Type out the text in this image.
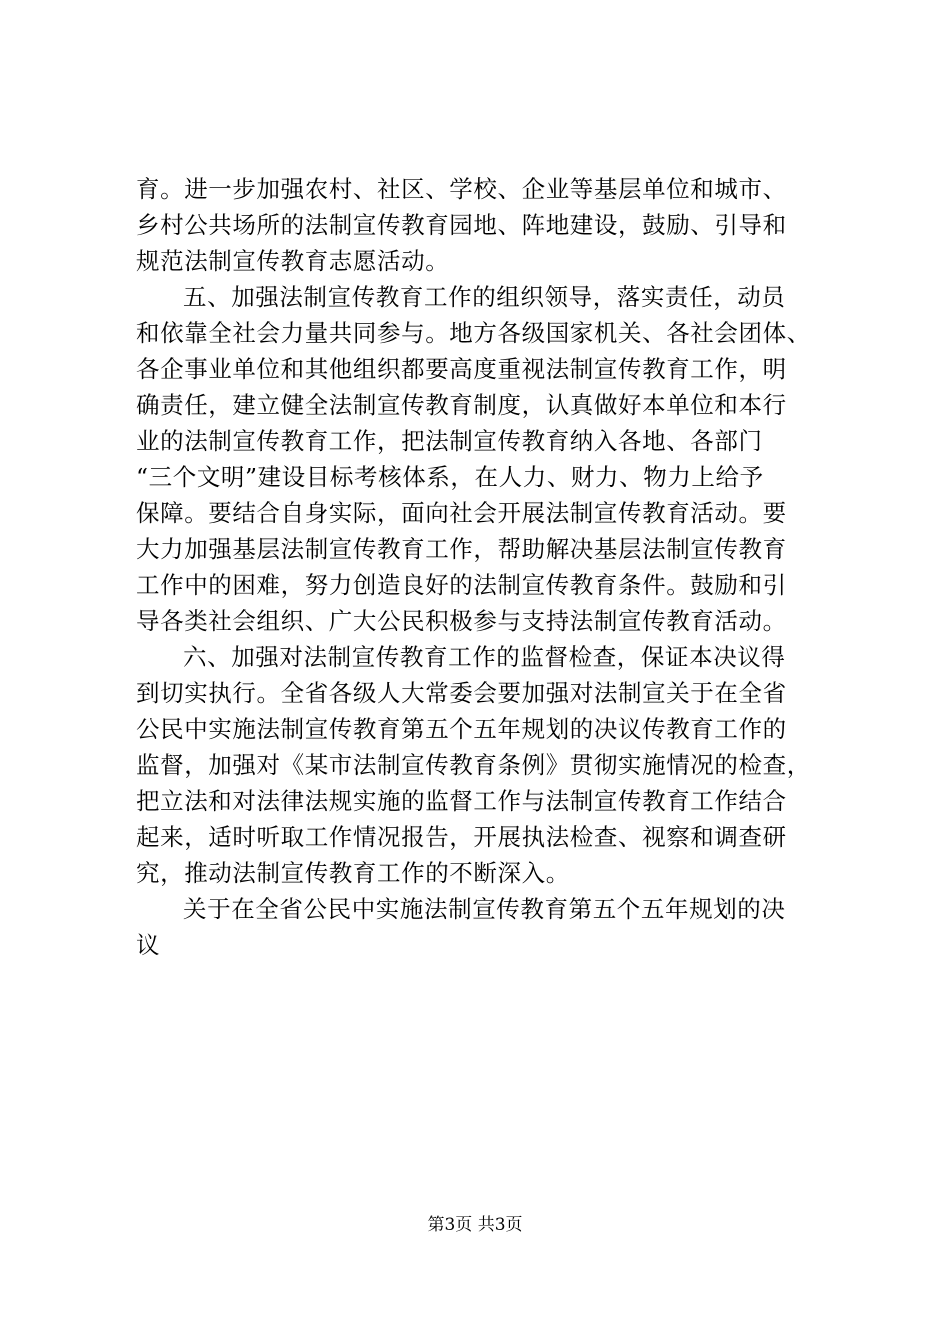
育。进一步加强农村、社区、学校、企业等基层单位和城市、
乡村公共场所的法制宣传教育园地、阵地建设，鼓励、引导和
规范法制宣传教育志愿活动。
五、加强法制宣传教育工作的组织领导，落实责任，动员
和依靠全社会力量共同参与。地方各级国家机关、各社会团体、
各企事业单位和其他组织都要高度重视法制宣传教育工作，明
确责任，建立健全法制宣传教育制度，认真做好本单位和本行
业的法制宣传教育工作，把法制宣传教育纳入各地、各部门
“三个文明”建设目标考核体系，在人力、财力、物力上给予
保障。要结合自身实际，面向社会开展法制宣传教育活动。要
大力加强基层法制宣传教育工作，帮助解决基层法制宣传教育
工作中的困难，努力创造良好的法制宣传教育条件。鼓励和引
导各类社会组织、广大公民积极参与支持法制宣传教育活动。
六、加强对法制宣传教育工作的监督检查，保证本决议得
到切实执行。全省各级人大常委会要加强对法制宣关于在全省
公民中实施法制宣传教育第五个五年规划的决议传教育工作的
监督，加强对《某市法制宣传教育条例》贯彻实施情况的检查，
把立法和对法律法规实施的监督工作与法制宣传教育工作结合
起来，适时听取工作情况报告，开展执法检查、视察和调查研
究，推动法制宣传教育工作的不断深入。
关于在全省公民中实施法制宣传教育第五个五年规划的决
议
第3页 共3页
